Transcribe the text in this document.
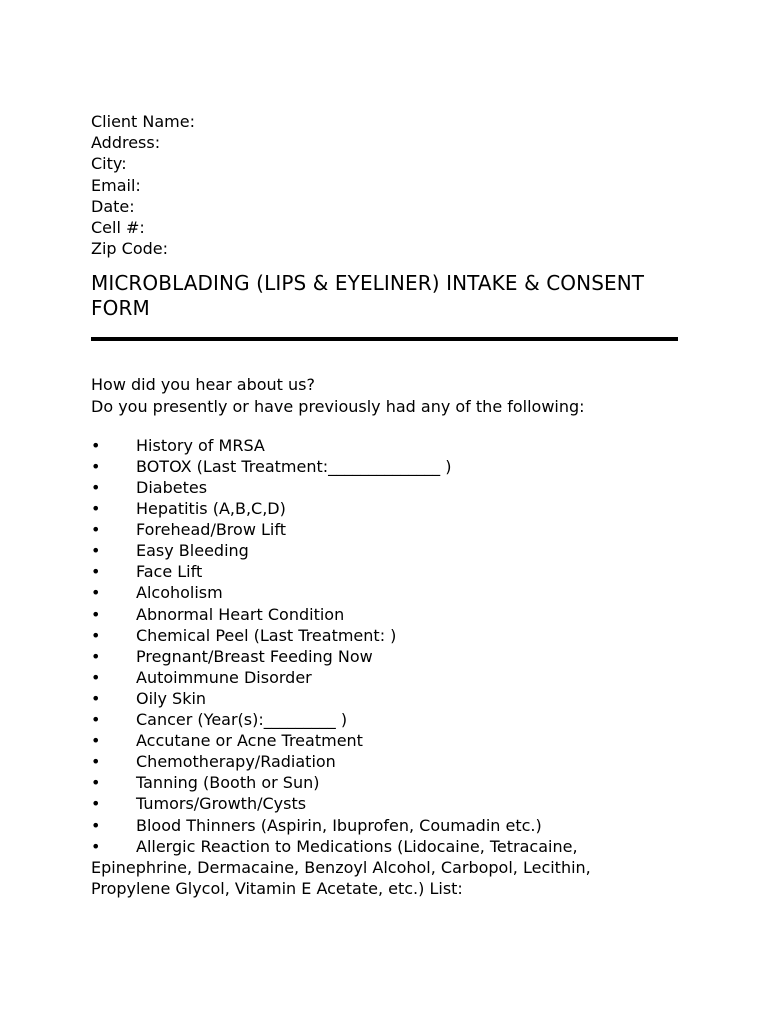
Client Name:
Address:
City:
Email:
Date:
Cell #:
Zip Code:
MICROBLADING (LIPS & EYELINER) INTAKE & CONSENT FORM
How did you hear about us?
Do you presently or have previously had any of the following:
• History of MRSA
• BOTOX (Last Treatment:______________ )
• Diabetes
• Hepatitis (A,B,C,D)
• Forehead/Brow Lift
• Easy Bleeding
• Face Lift
• Alcoholism
• Abnormal Heart Condition
• Chemical Peel (Last Treatment: )
• Pregnant/Breast Feeding Now
• Autoimmune Disorder
• Oily Skin
• Cancer (Year(s):_________ )
• Accutane or Acne Treatment
• Chemotherapy/Radiation
• Tanning (Booth or Sun)
• Tumors/Growth/Cysts
• Blood Thinners (Aspirin, Ibuprofen, Coumadin etc.)
• Allergic Reaction to Medications (Lidocaine, Tetracaine,
Epinephrine, Dermacaine, Benzoyl Alcohol, Carbopol, Lecithin, Propylene Glycol, Vitamin E Acetate, etc.) List:
